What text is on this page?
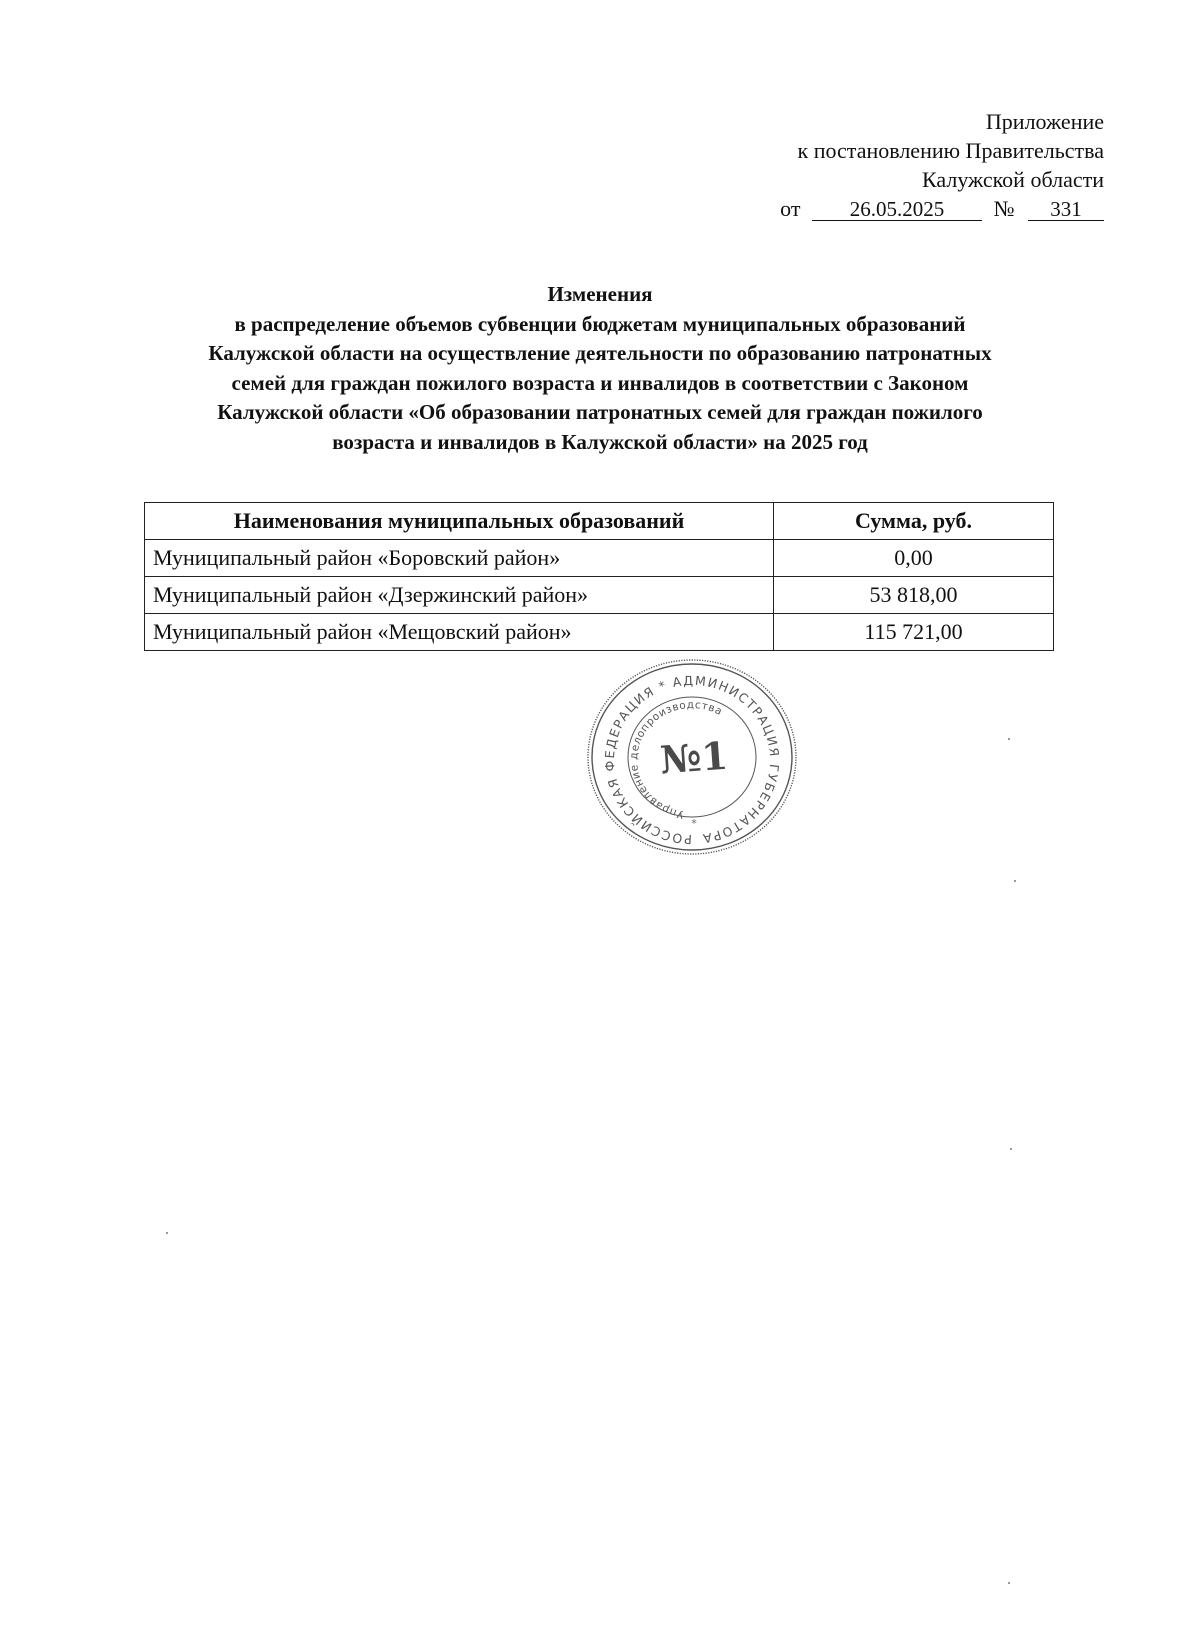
Приложение
к постановлению Правительства
Калужской области
от 26.05.2025 № 331
Изменения
в распределение объемов субвенции бюджетам муниципальных образований
Калужской области на осуществление деятельности по образованию патронатных
семей для граждан пожилого возраста и инвалидов в соответствии с Законом
Калужской области «Об образовании патронатных семей для граждан пожилого
возраста и инвалидов в Калужской области» на 2025 год
Наименования муниципальных образований	Сумма, руб.
Муниципальный район «Боровский район»	0,00
Муниципальный район «Дзержинский район»	53 818,00
Муниципальный район «Мещовский район»	115 721,00
РОССИЙСКАЯ ФЕДЕРАЦИЯ * АДМИНИСТРАЦИЯ ГУБЕРНАТОРА
Управление делопроизводства
№1
*
